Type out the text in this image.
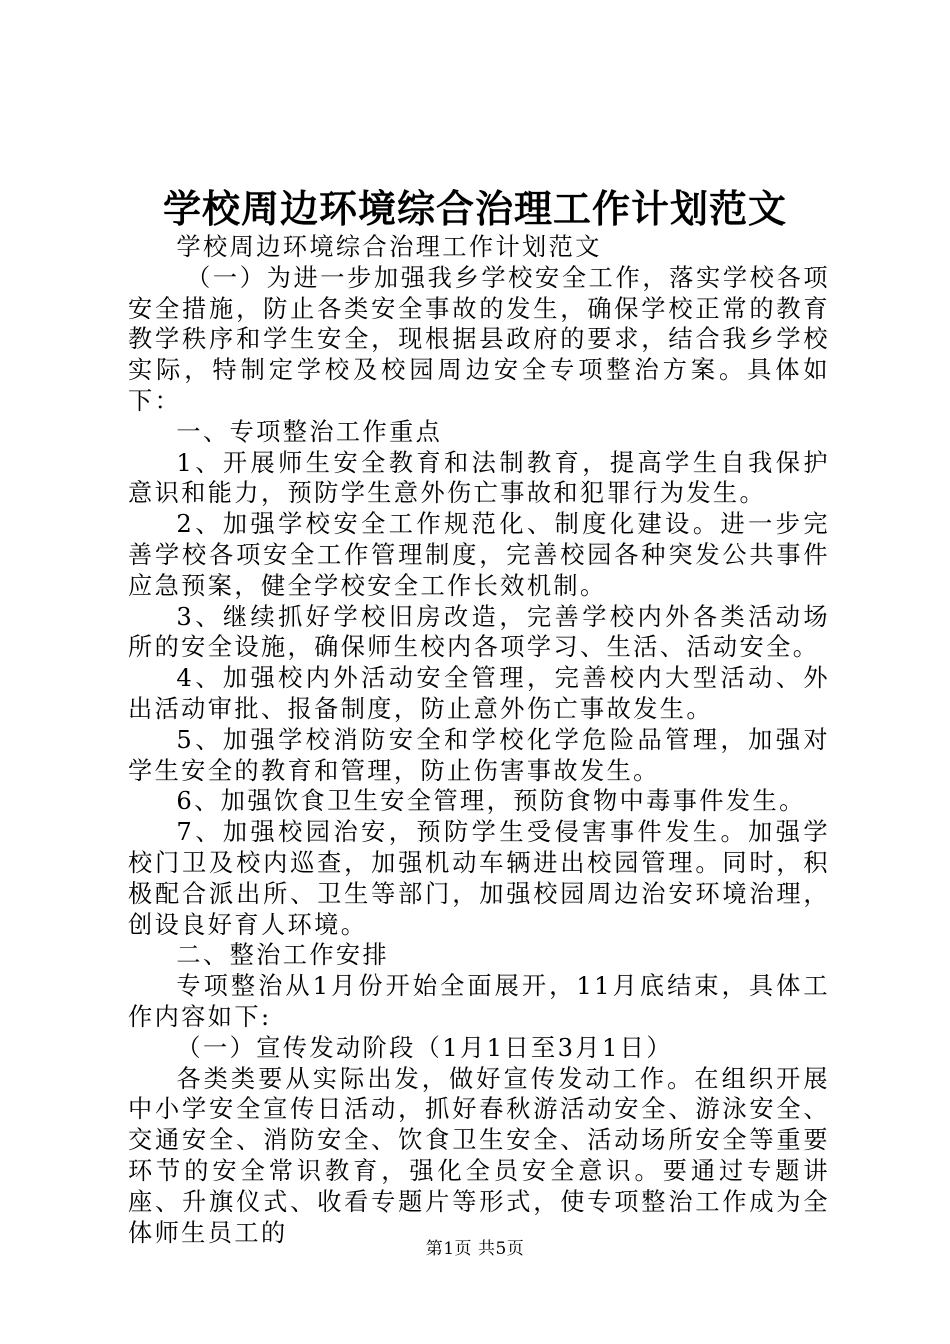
学校周边环境综合治理工作计划范文

学校周边环境综合治理工作计划范文

（一）为进一步加强我乡学校安全工作，落实学校各项安全措施，防止各类安全事故的发生，确保学校正常的教育教学秩序和学生安全，现根据县政府的要求，结合我乡学校实际，特制定学校及校园周边安全专项整治方案。具体如下：

一、专项整治工作重点

1、开展师生安全教育和法制教育，提高学生自我保护意识和能力，预防学生意外伤亡事故和犯罪行为发生。

2、加强学校安全工作规范化、制度化建设。进一步完善学校各项安全工作管理制度，完善校园各种突发公共事件应急预案，健全学校安全工作长效机制。

3、继续抓好学校旧房改造，完善学校内外各类活动场所的安全设施，确保师生校内各项学习、生活、活动安全。

4、加强校内外活动安全管理，完善校内大型活动、外出活动审批、报备制度，防止意外伤亡事故发生。

5、加强学校消防安全和学校化学危险品管理，加强对学生安全的教育和管理，防止伤害事故发生。

6、加强饮食卫生安全管理，预防食物中毒事件发生。

7、加强校园治安，预防学生受侵害事件发生。加强学校门卫及校内巡查，加强机动车辆进出校园管理。同时，积极配合派出所、卫生等部门，加强校园周边治安环境治理，创设良好育人环境。

二、整治工作安排

专项整治从1月份开始全面展开，11月底结束，具体工作内容如下:

（一）宣传发动阶段（1月1日至3月1日）

各类类要从实际出发，做好宣传发动工作。在组织开展中小学安全宣传日活动，抓好春秋游活动安全、游泳安全、交通安全、消防安全、饮食卫生安全、活动场所安全等重要环节的安全常识教育，强化全员安全意识。要通过专题讲座、升旗仪式、收看专题片等形式，使专项整治工作成为全体师生员工的

第1页 共5页
